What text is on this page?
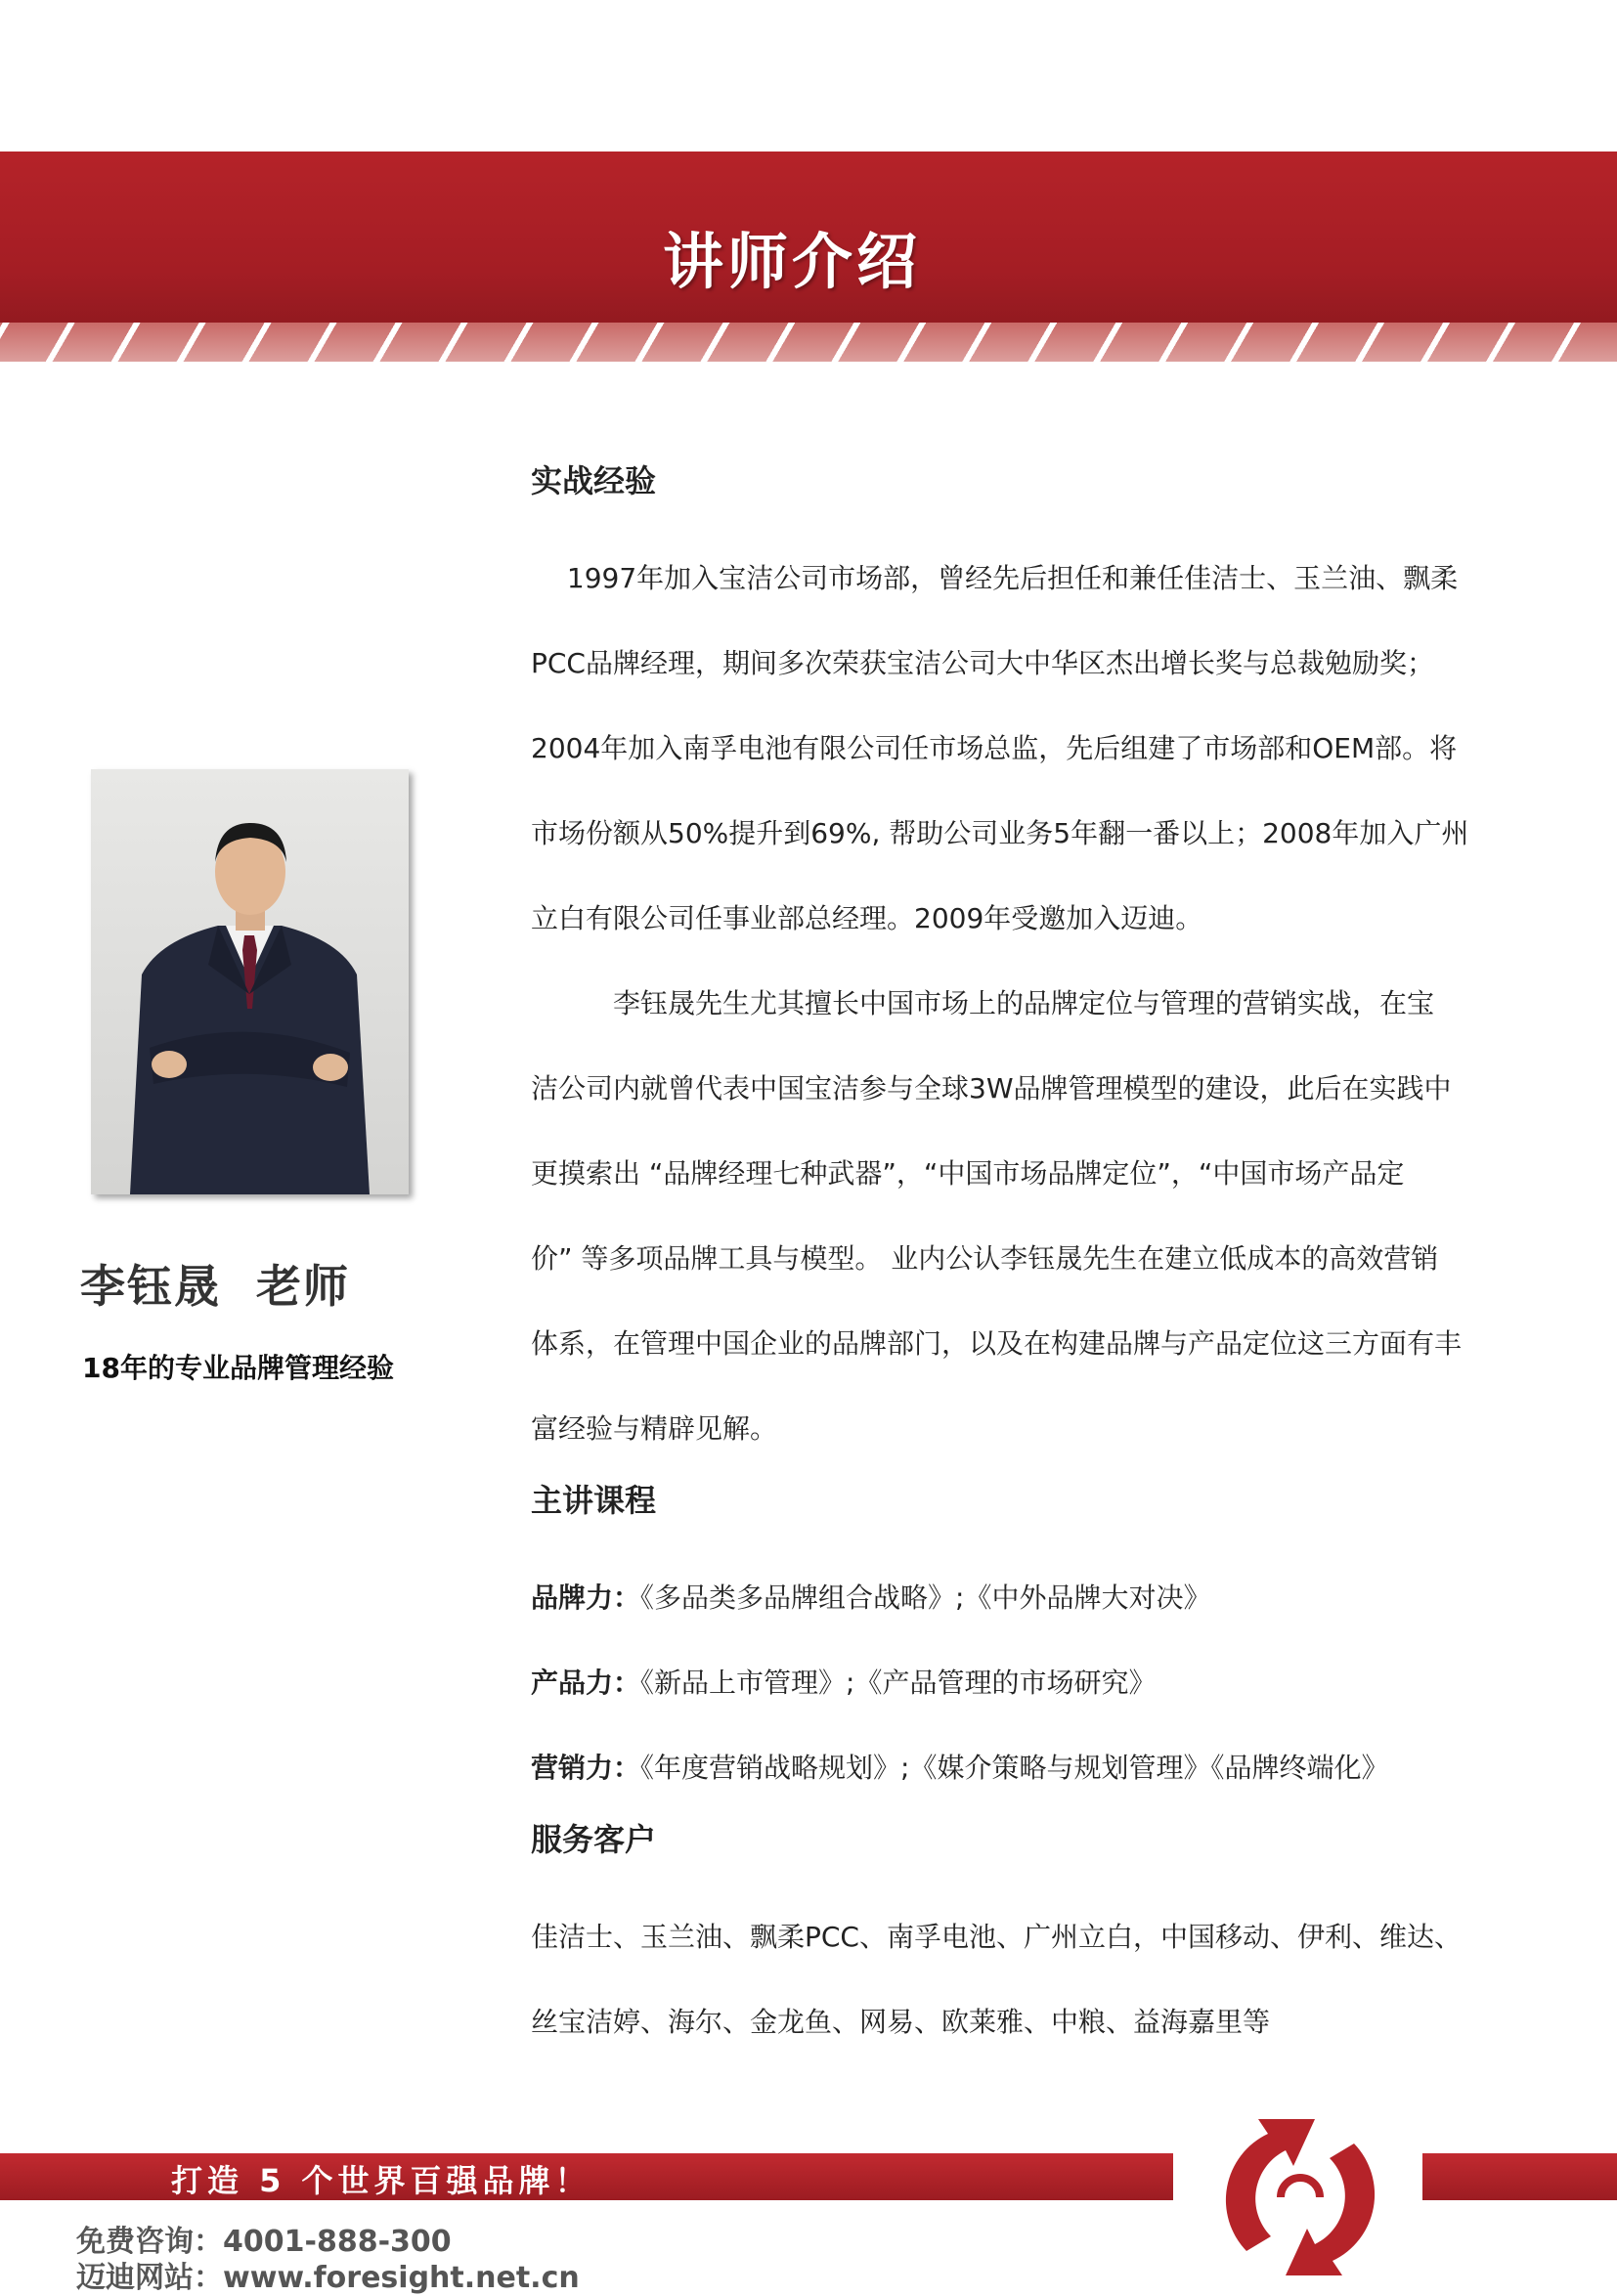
讲师介绍
李钰晟  老师
18年的专业品牌管理经验
实战经验
　 1997年加入宝洁公司市场部，曾经先后担任和兼任佳洁士、玉兰油、飘柔
PCC品牌经理，期间多次荣获宝洁公司大中华区杰出增长奖与总裁勉励奖；
2004年加入南孚电池有限公司任市场总监，先后组建了市场部和OEM部。将
市场份额从50%提升到69%, 帮助公司业务5年翻一番以上；2008年加入广州
立白有限公司任事业部总经理。2009年受邀加入迈迪。
　　　李钰晟先生尤其擅长中国市场上的品牌定位与管理的营销实战，在宝
洁公司内就曾代表中国宝洁参与全球3W品牌管理模型的建设，此后在实践中
更摸索出 “品牌经理七种武器”，“中国市场品牌定位”，“中国市场产品定
价” 等多项品牌工具与模型。 业内公认李钰晟先生在建立低成本的高效营销
体系，在管理中国企业的品牌部门，以及在构建品牌与产品定位这三方面有丰
富经验与精辟见解。
主讲课程

品牌力：《多品类多品牌组合战略》;《中外品牌大对决》

产品力：《新品上市管理》;《产品管理的市场研究》

营销力：《年度营销战略规划》;《媒介策略与规划管理》《品牌终端化》

服务客户
佳洁士、玉兰油、飘柔PCC、南孚电池、广州立白，中国移动、伊利、维达、
丝宝洁婷、海尔、金龙鱼、网易、欧莱雅、中粮、益海嘉里等
打造 5 个世界百强品牌！
免费咨询：4001-888-300
迈迪网站：www.foresight.net.cn
